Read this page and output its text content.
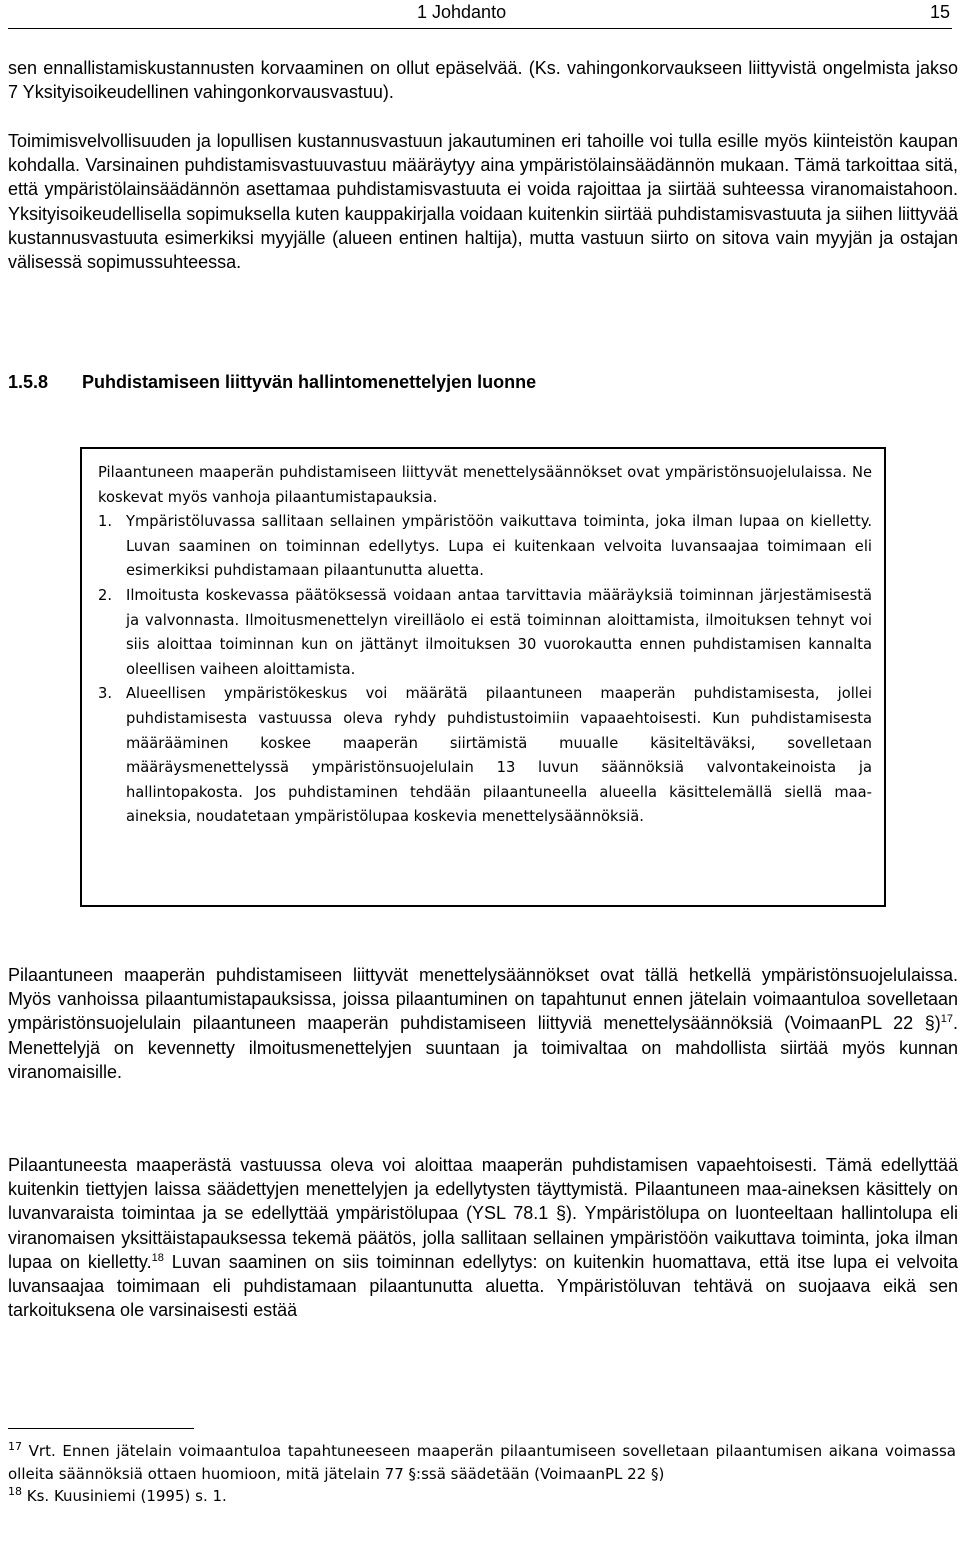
1 Johdanto	15

sen ennallistamiskustannusten korvaaminen on ollut epäselvää. (Ks. vahingonkorvaukseen liittyvistä ongelmista jakso 7 Yksityisoikeudellinen vahingonkorvausvastuu).

Toimimisvelvollisuuden ja lopullisen kustannusvastuun jakautuminen eri tahoille voi tulla esille myös kiinteistön kaupan kohdalla. Varsinainen puhdistamisvastuuvastuu määräytyy aina ympäristölainsäädännön mukaan. Tämä tarkoittaa sitä, että ympäristölainsäädännön asettamaa puhdistamisvastuuta ei voida rajoittaa ja siirtää suhteessa viranomaistahoon. Yksityisoikeudellisella sopimuksella kuten kauppakirjalla voidaan kuitenkin siirtää puhdistamisvastuuta ja siihen liittyvää kustannusvastuuta esimerkiksi myyjälle (alueen entinen haltija), mutta vastuun siirto on sitova vain myyjän ja ostajan välisessä sopimussuhteessa.

1.5.8 Puhdistamiseen liittyvän hallintomenettelyjen luonne

Pilaantuneen maaperän puhdistamiseen liittyvät menettelysäännökset ovat ympäristönsuojelulaissa. Ne koskevat myös vanhoja pilaantumistapauksia.

1. Ympäristöluvassa sallitaan sellainen ympäristöön vaikuttava toiminta, joka ilman lupaa on kielletty. Luvan saaminen on toiminnan edellytys. Lupa ei kuitenkaan velvoita luvansaajaa toimimaan eli esimerkiksi puhdistamaan pilaantunutta aluetta.

2. Ilmoitusta koskevassa päätöksessä voidaan antaa tarvittavia määräyksiä toiminnan järjestämisestä ja valvonnasta. Ilmoitusmenettelyn vireilläolo ei estä toiminnan aloittamista, ilmoituksen tehnyt voi siis aloittaa toiminnan kun on jättänyt ilmoituksen 30 vuorokautta ennen puhdistamisen kannalta oleellisen vaiheen aloittamista.

3. Alueellisen ympäristökeskus voi määrätä pilaantuneen maaperän puhdistamisesta, jollei puhdistamisesta vastuussa oleva ryhdy puhdistustoimiin vapaaehtoisesti. Kun puhdistamisesta määrääminen koskee maaperän siirtämistä muualle käsiteltäväksi, sovelletaan määräysmenettelyssä ympäristönsuojelulain 13 luvun säännöksiä valvontakeinoista ja hallintopakosta. Jos puhdistaminen tehdään pilaantuneella alueella käsittelemällä siellä maa-aineksia, noudatetaan ympäristölupaa koskevia menettelysäännöksiä.

Pilaantuneen maaperän puhdistamiseen liittyvät menettelysäännökset ovat tällä hetkellä ympäristönsuojelulaissa. Myös vanhoissa pilaantumistapauksissa, joissa pilaantuminen on tapahtunut ennen jätelain voimaantuloa sovelletaan ympäristönsuojelulain pilaantuneen maaperän puhdistamiseen liittyviä menettelysäännöksiä (VoimaanPL 22 §)$^{17}$. Menettelyjä on kevennetty ilmoitusmenettelyjen suuntaan ja toimivaltaa on mahdollista siirtää myös kunnan viranomaisille.

Pilaantuneesta maaperästä vastuussa oleva voi aloittaa maaperän puhdistamisen vapaehtoisesti. Tämä edellyttää kuitenkin tiettyjen laissa säädettyjen menettelyjen ja edellytysten täyttymistä. Pilaantuneen maa-aineksen käsittely on luvanvaraista toimintaa ja se edellyttää ympäristölupaa (YSL 78.1 §). Ympäristölupa on luonteeltaan hallintolupa eli viranomaisen yksittäistapauksessa tekemä päätös, jolla sallitaan sellainen ympäristöön vaikuttava toiminta, joka ilman lupaa on kielletty.$^{18}$ Luvan saaminen on siis toiminnan edellytys: on kuitenkin huomattava, että itse lupa ei velvoita luvansaajaa toimimaan eli puhdistamaan pilaantunutta aluetta. Ympäristöluvan tehtävä on suojaava eikä sen tarkoituksena ole varsinaisesti estää

$^{17}$ Vrt. Ennen jätelain voimaantuloa tapahtuneeseen maaperän pilaantumiseen sovelletaan pilaantumisen aikana voimassa olleita säännöksiä ottaen huomioon, mitä jätelain 77 §:ssä säädetään (VoimaanPL 22 §)

$^{18}$ Ks. Kuusiniemi (1995) s. 1.
